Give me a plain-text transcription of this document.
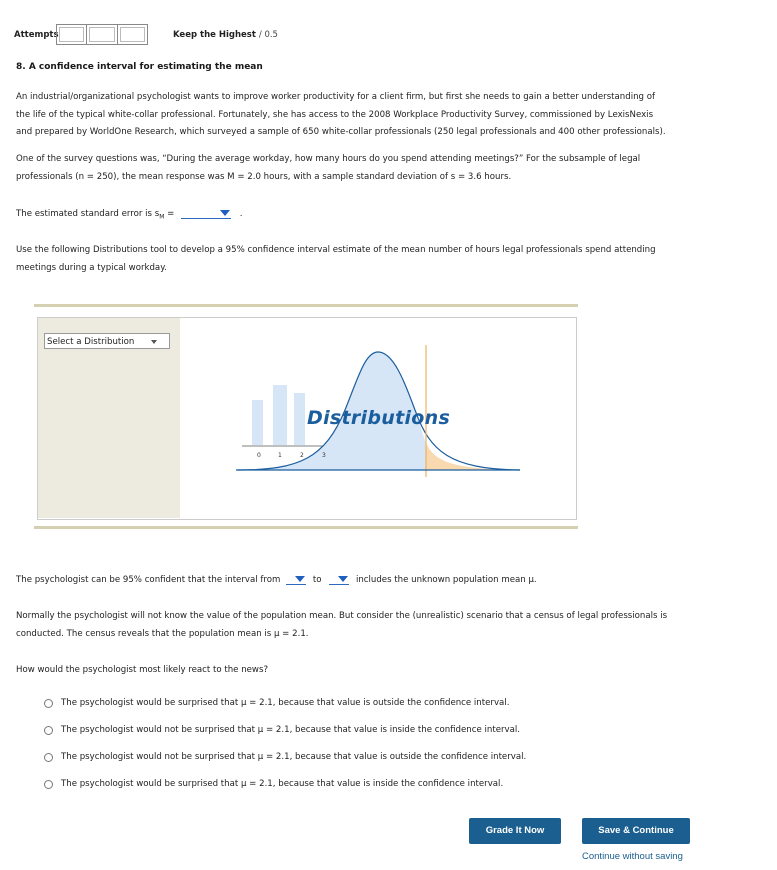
Attempts	Keep the Highest / 0.5
8. A confidence interval for estimating the mean
An industrial/organizational psychologist wants to improve worker productivity for a client firm, but first she needs to gain a better understanding of
the life of the typical white-collar professional. Fortunately, she has access to the 2008 Workplace Productivity Survey, commissioned by LexisNexis
and prepared by WorldOne Research, which surveyed a sample of 650 white-collar professionals (250 legal professionals and 400 other professionals).
One of the survey questions was, “During the average workday, how many hours do you spend attending meetings?” For the subsample of legal
professionals (n = 250), the mean response was M = 2.0 hours, with a sample standard deviation of s = 3.6 hours.
The estimated standard error is $s_M$ =	.
Use the following Distributions tool to develop a 95% confidence interval estimate of the mean number of hours legal professionals spend attending
meetings during a typical workday.
Select a Distribution
0	1	2	3
Distributions
The psychologist can be 95% confident that the interval from	to	includes the unknown population mean μ.
Normally the psychologist will not know the value of the population mean. But consider the (unrealistic) scenario that a census of legal professionals is
conducted. The census reveals that the population mean is μ = 2.1.
How would the psychologist most likely react to the news?
The psychologist would be surprised that μ = 2.1, because that value is outside the confidence interval.
The psychologist would not be surprised that μ = 2.1, because that value is inside the confidence interval.
The psychologist would not be surprised that μ = 2.1, because that value is outside the confidence interval.
The psychologist would be surprised that μ = 2.1, because that value is inside the confidence interval.
Grade It Now	Save & Continue
Continue without saving
